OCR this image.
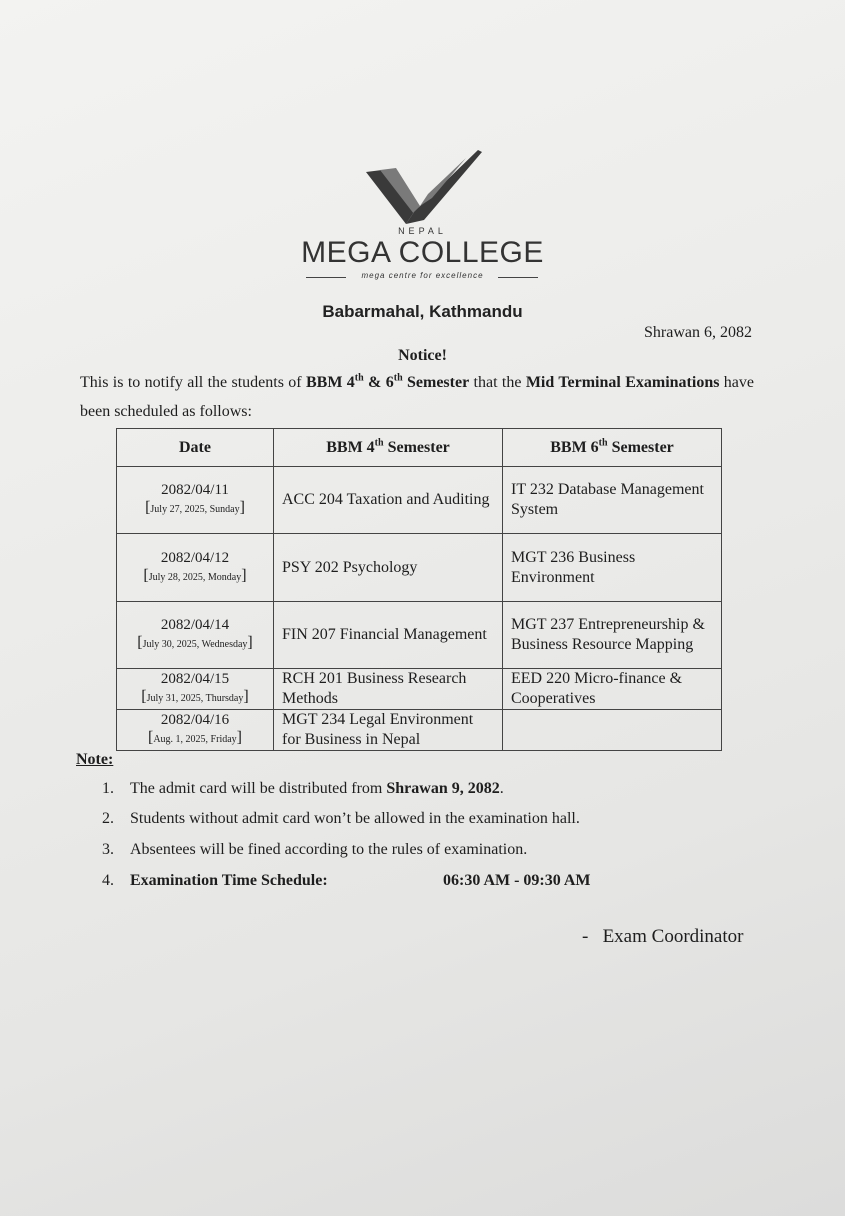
NEPAL
MEGA COLLEGE
mega centre for excellence
Babarmahal, Kathmandu
Shrawan 6, 2082
Notice!
This is to notify all the students of BBM 4th & 6th Semester that the Mid Terminal Examinations have been scheduled as follows:
Date	BBM 4th Semester	BBM 6th Semester

2082/04/11
[July 27, 2025, Sunday]	ACC 204 Taxation and Auditing	IT 232 Database Management System

2082/04/12
[July 28, 2025, Monday]	PSY 202 Psychology	MGT 236 Business Environment

2082/04/14
[July 30, 2025, Wednesday]	FIN 207 Financial Management	MGT 237 Entrepreneurship & Business Resource Mapping

2082/04/15
[July 31, 2025, Thursday]	RCH 201 Business Research Methods	EED 220 Micro-finance & Cooperatives

2082/04/16
[Aug. 1, 2025, Friday]	MGT 234 Legal Environment for Business in Nepal	
Note:
1. The admit card will be distributed from Shrawan 9, 2082.
2. Students without admit card won’t be allowed in the examination hall.
3. Absentees will be fined according to the rules of examination.
4. Examination Time Schedule:	06:30 AM - 09:30 AM
-   Exam Coordinator
